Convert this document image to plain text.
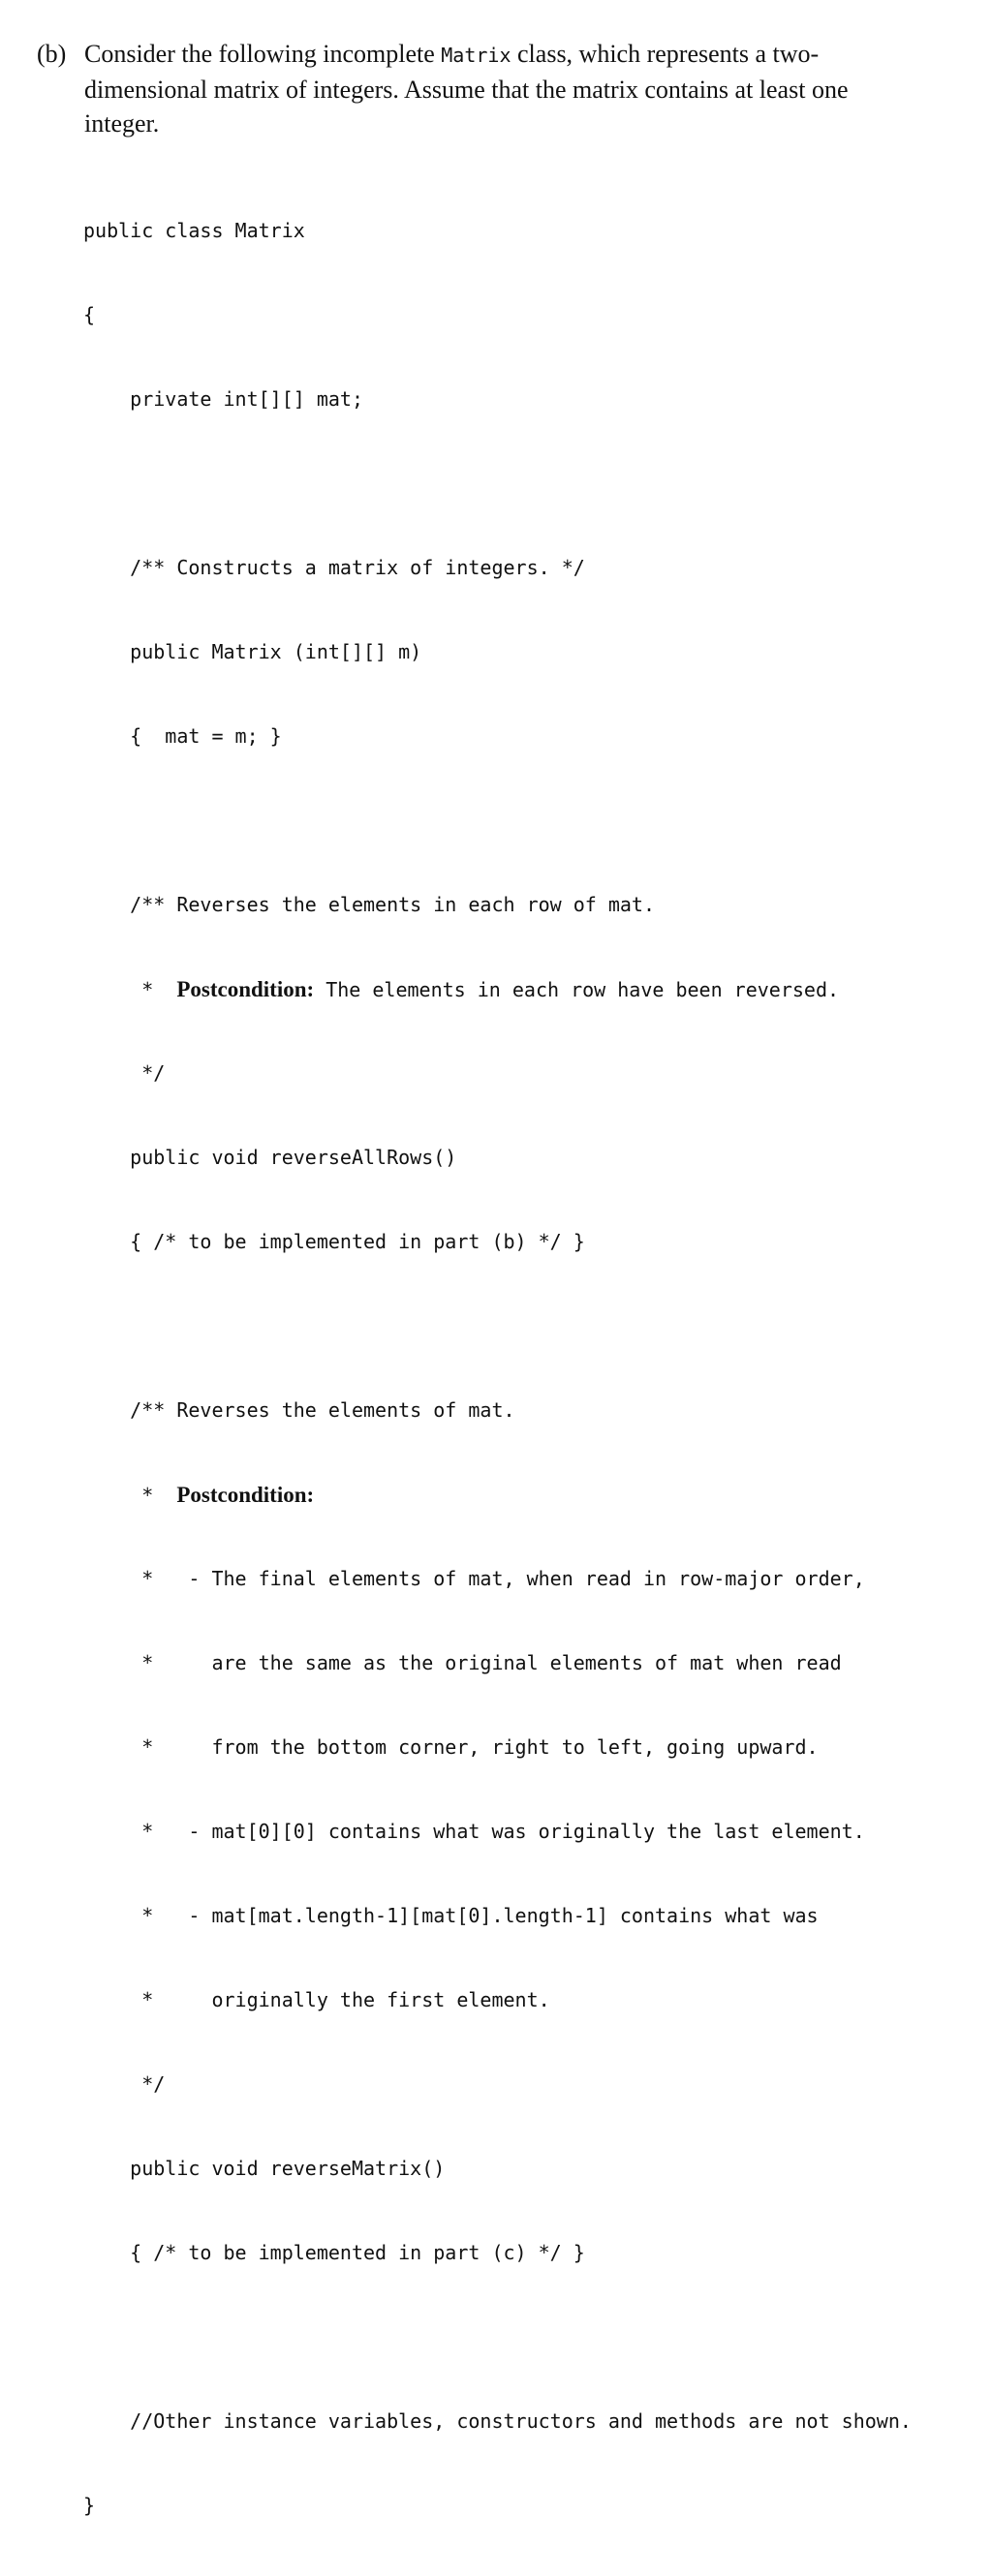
(b) Consider the following incomplete Matrix class, which represents a two-dimensional matrix of integers. Assume that the matrix contains at least one integer.

public class Matrix

{

private int[][] mat;

/** Constructs a matrix of integers. */

public Matrix (int[][] m)

{  mat = m; }

/** Reverses the elements in each row of mat.

*  Postcondition: The elements in each row have been reversed.

*/

public void reverseAllRows()

{ /* to be implemented in part (b) */ }

/** Reverses the elements of mat.

*  Postcondition:

*   - The final elements of mat, when read in row-major order,

*     are the same as the original elements of mat when read

*     from the bottom corner, right to left, going upward.

*   - mat[0][0] contains what was originally the last element.

*   - mat[mat.length-1][mat[0].length-1] contains what was

*     originally the first element.

*/

public void reverseMatrix()

{ /* to be implemented in part (c) */ }

//Other instance variables, constructors and methods are not shown.

}
